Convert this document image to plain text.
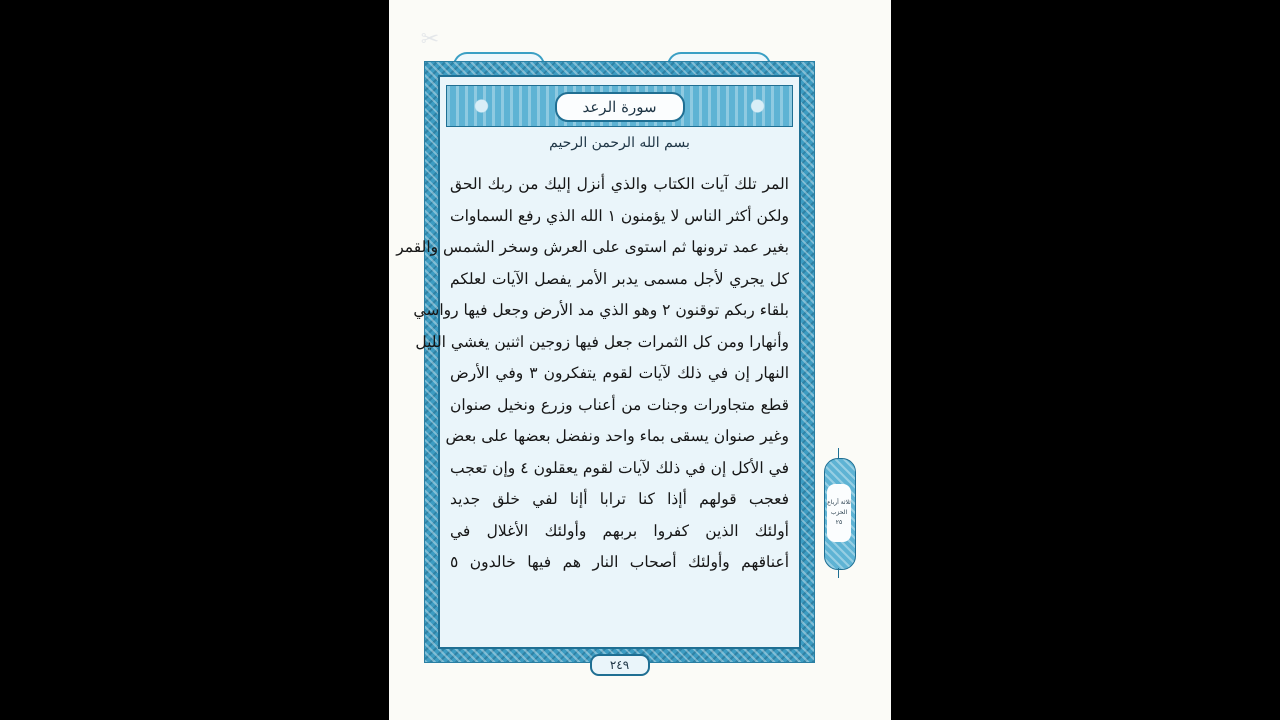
✂
سورة الرعد
بسم الله الرحمن الرحيم
المر تلك آيات الكتاب والذي أنزل إليك من ربك الحق
ولكن أكثر الناس لا يؤمنون ١ الله الذي رفع السماوات
بغير عمد ترونها ثم استوى على العرش وسخر الشمس والقمر
كل يجري لأجل مسمى يدبر الأمر يفصل الآيات لعلكم
بلقاء ربكم توقنون ٢ وهو الذي مد الأرض وجعل فيها رواسي
وأنهارا ومن كل الثمرات جعل فيها زوجين اثنين يغشي الليل
النهار إن في ذلك لآيات لقوم يتفكرون ٣ وفي الأرض
قطع متجاورات وجنات من أعناب وزرع ونخيل صنوان
وغير صنوان يسقى بماء واحد ونفضل بعضها على بعض
في الأكل إن في ذلك لآيات لقوم يعقلون ٤ وإن تعجب
فعجب قولهم أإذا كنا ترابا أإنا لفي خلق جديد
أولئك الذين كفروا بربهم وأولئك الأغلال في
أعناقهم وأولئك أصحاب النار هم فيها خالدون ٥
٢٤٩
ثلاثة أرباع
الحزب
٢٥
